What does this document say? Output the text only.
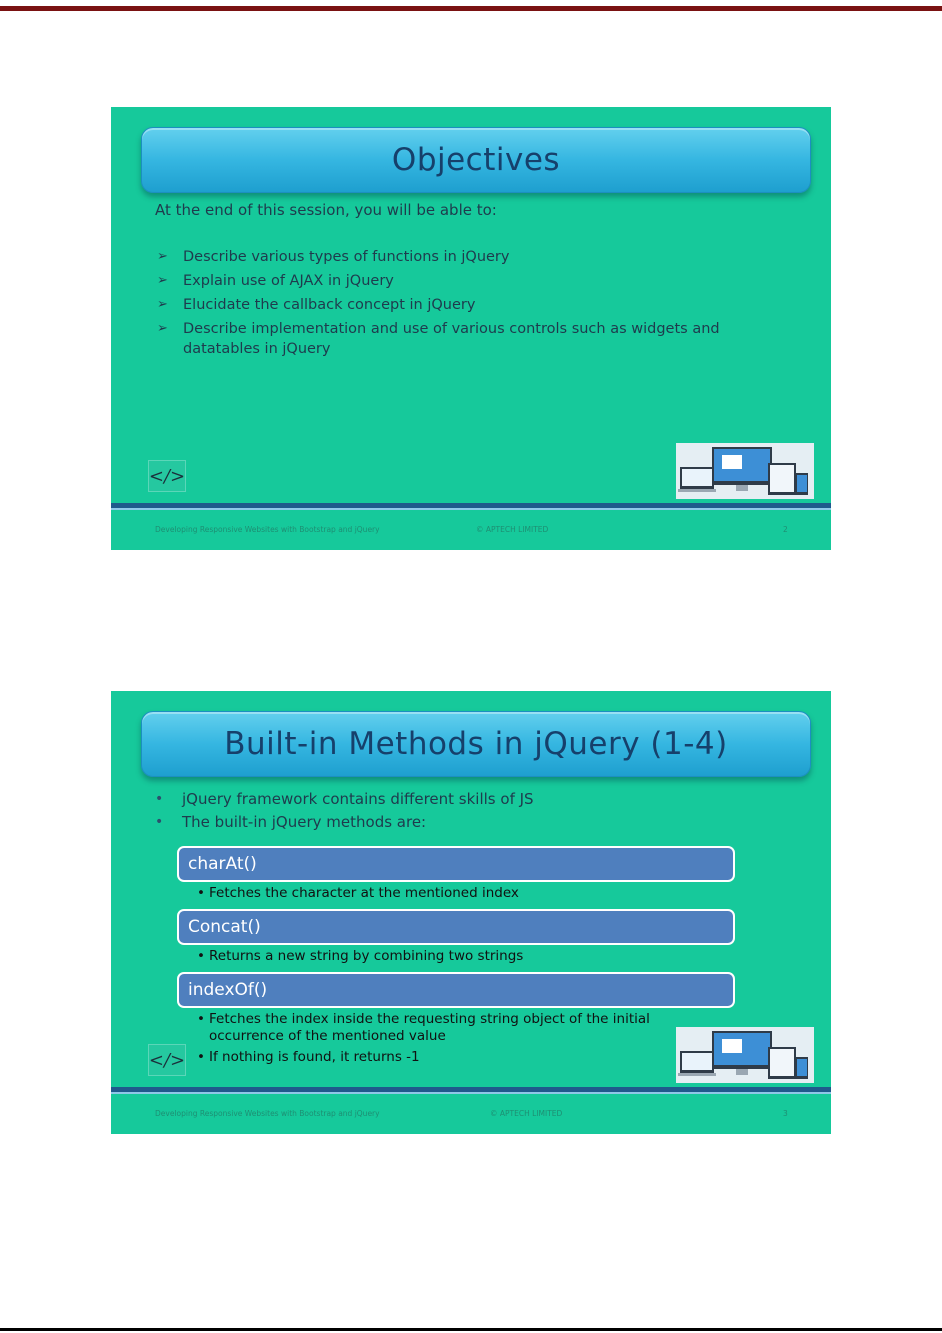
Objectives
At the end of this session, you will be able to:
➢ Describe various types of functions in jQuery
➢ Explain use of AJAX in jQuery
➢ Elucidate the callback concept in jQuery
➢ Describe implementation and use of various controls such as widgets and datatables in jQuery
</>
Developing Responsive Websites with Bootstrap and jQuery	© APTECH LIMITED	2
Built-in Methods in jQuery (1-4)
• jQuery framework contains different skills of JS
• The built-in jQuery methods are:
charAt()
• Fetches the character at the mentioned index
Concat()
• Returns a new string by combining two strings
indexOf()
• Fetches the index inside the requesting string object of the initial occurrence of the mentioned value
• If nothing is found, it returns -1
</>
Developing Responsive Websites with Bootstrap and jQuery	© APTECH LIMITED	3
